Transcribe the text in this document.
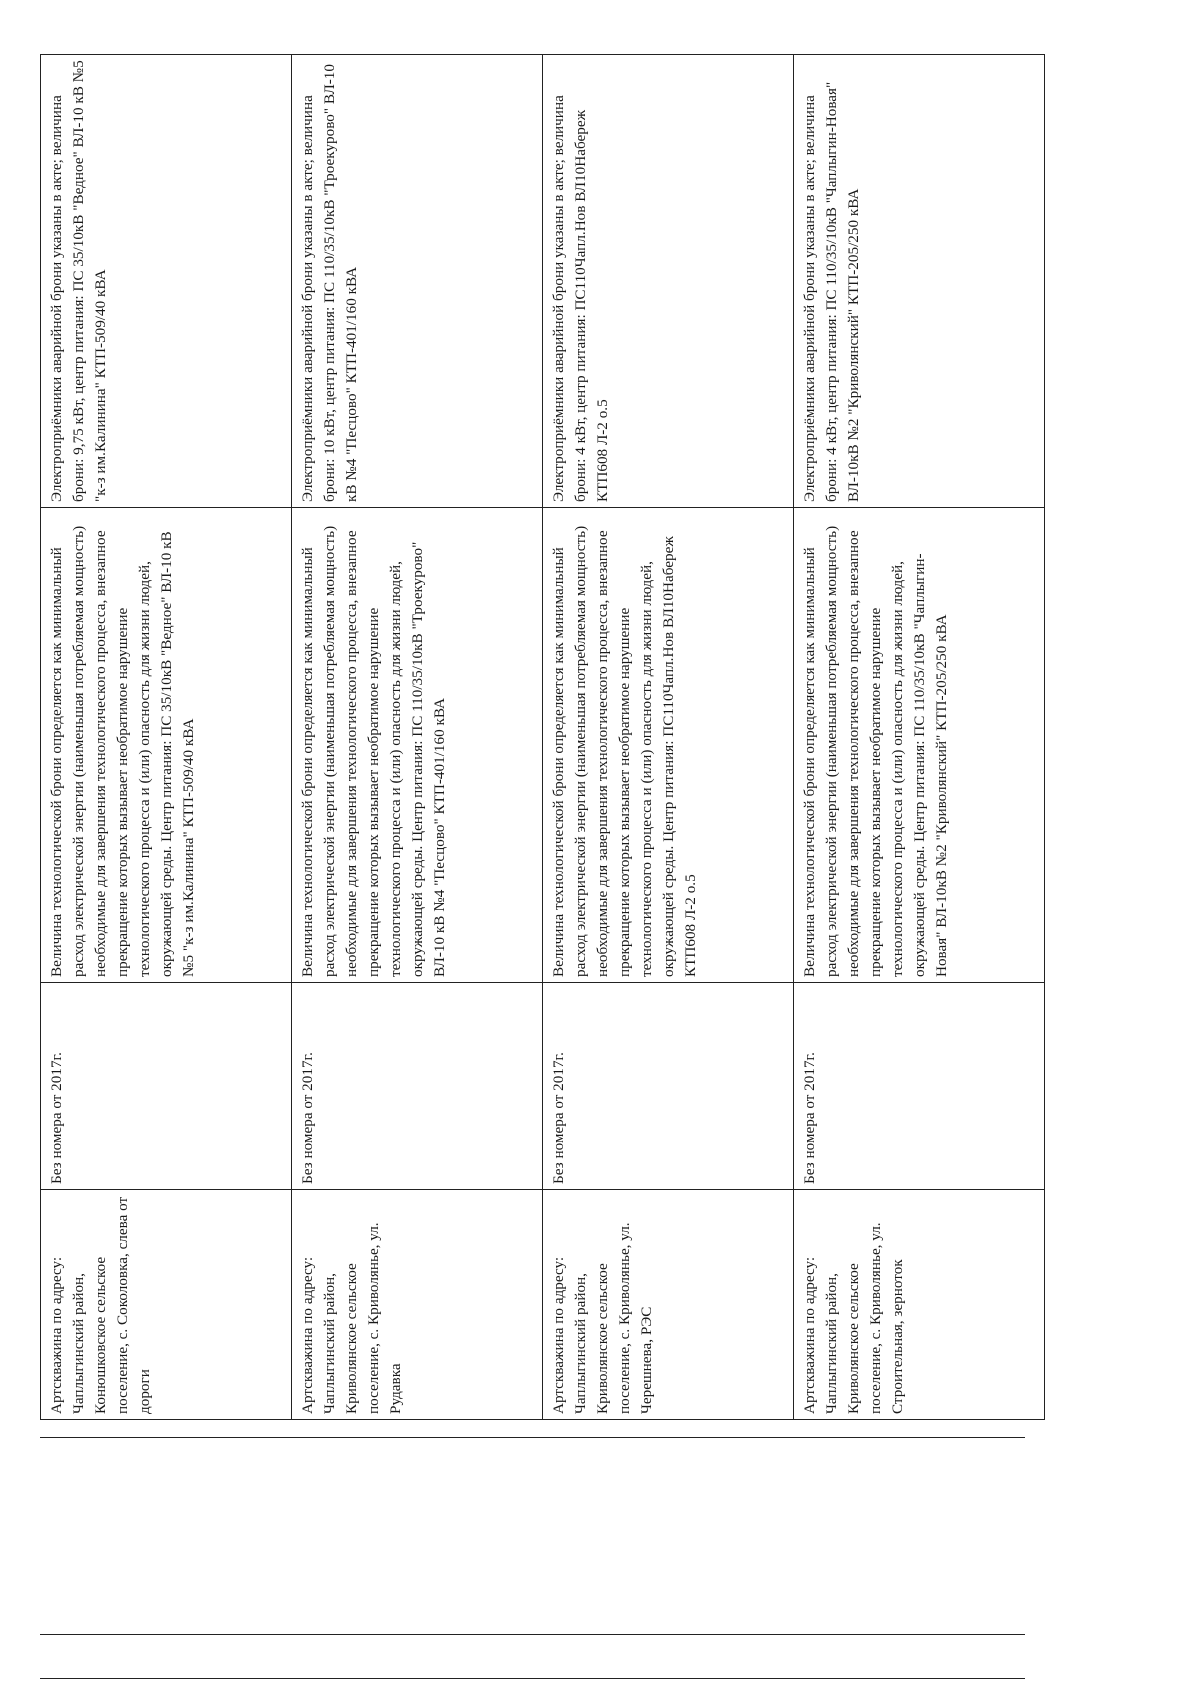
Артскважина по адресу: Чаплыгинский район, Конюшковское сельское поселение, с. Соколовка, слева от дороги	Без номера от 2017г.	Величина технологической брони определяется как минимальный расход электрической энергии (наименьшая потребляемая мощность) необходимые для завершения технологического процесса, внезапное прекращение которых вызывает необратимое нарушение технологического процесса и (или) опасность для жизни людей, окружающей среды. Центр питания: ПС 35/10кВ "Ведное" ВЛ-10 кВ №5 "к-з им.Калинина" КТП-509/40 кВА	Электроприёмники аварийной брони указаны в акте; величина брони: 9,75 кВт, центр питания: ПС 35/10кВ "Ведное" ВЛ-10 кВ №5 "к-з им.Калинина" КТП-509/40 кВА

Артскважина по адресу: Чаплыгинский район, Криволянское сельское поселение, с. Криволянье, ул. Рудавка	Без номера от 2017г.	Величина технологической брони определяется как минимальный расход электрической энергии (наименьшая потребляемая мощность) необходимые для завершения технологического процесса, внезапное прекращение которых вызывает необратимое нарушение технологического процесса и (или) опасность для жизни людей, окружающей среды. Центр питания: ПС 110/35/10кВ "Троекурово" ВЛ-10 кВ №4 "Песцово" КТП-401/160 кВА	Электроприёмники аварийной брони указаны в акте; величина брони: 10 кВт, центр питания: ПС 110/35/10кВ "Троекурово" ВЛ-10 кВ №4 "Песцово" КТП-401/160 кВА

Артскважина по адресу: Чаплыгинский район, Криволянское сельское поселение, с. Криволянье, ул. Черешнева, РЭС	Без номера от 2017г.	Величина технологической брони определяется как минимальный расход электрической энергии (наименьшая потребляемая мощность) необходимые для завершения технологического процесса, внезапное прекращение которых вызывает необратимое нарушение технологического процесса и (или) опасность для жизни людей, окружающей среды. Центр питания: ПС110Чапл.Нов ВЛ10Набереж КТП608 Л-2 о.5	Электроприёмники аварийной брони указаны в акте; величина брони: 4 кВт, центр питания: ПС110Чапл.Нов ВЛ10Набереж КТП608 Л-2 о.5

Артскважина по адресу: Чаплыгинский район, Криволянское сельское поселение, с. Криволянье, ул. Строительная, зерноток	Без номера от 2017г.	Величина технологической брони определяется как минимальный расход электрической энергии (наименьшая потребляемая мощность) необходимые для завершения технологического процесса, внезапное прекращение которых вызывает необратимое нарушение технологического процесса и (или) опасность для жизни людей, окружающей среды. Центр питания: ПС 110/35/10кВ "Чаплыгин-Новая" ВЛ-10кВ №2 "Криволянский" КТП-205/250 кВА	Электроприёмники аварийной брони указаны в акте; величина брони: 4 кВт, центр питания: ПС 110/35/10кВ "Чаплыгин-Новая" ВЛ-10кВ №2 "Криволянский" КТП-205/250 кВА
